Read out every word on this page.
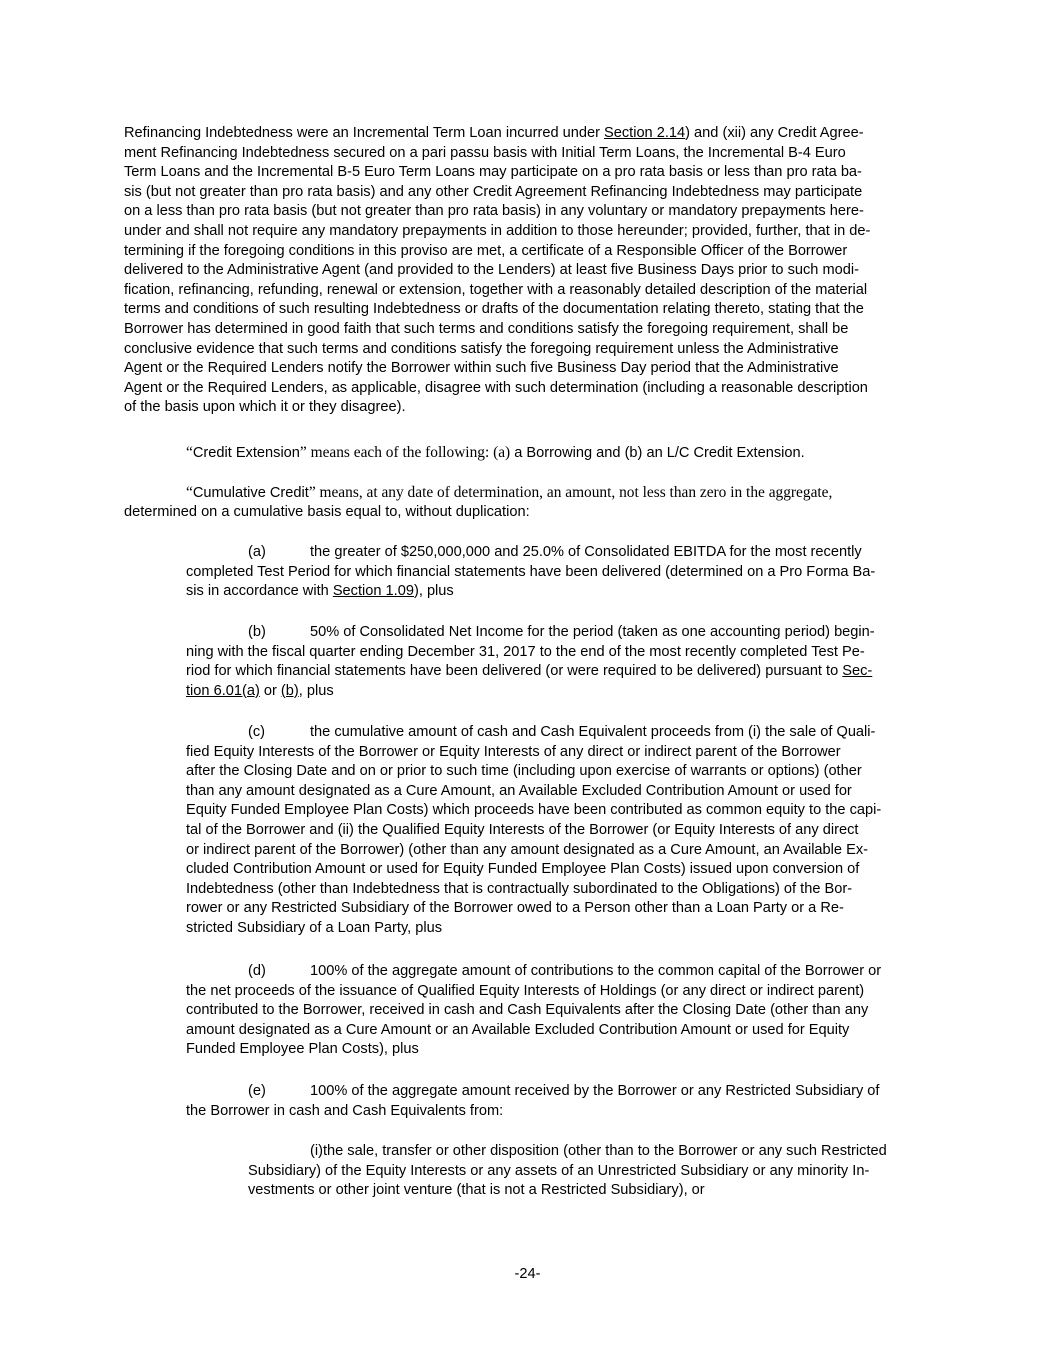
Refinancing Indebtedness were an Incremental Term Loan incurred under Section 2.14) and (xii) any Credit Agree-
ment Refinancing Indebtedness secured on a pari passu basis with Initial Term Loans, the Incremental B-4 Euro
Term Loans and the Incremental B-5 Euro Term Loans may participate on a pro rata basis or less than pro rata ba-
sis (but not greater than pro rata basis) and any other Credit Agreement Refinancing Indebtedness may participate
on a less than pro rata basis (but not greater than pro rata basis) in any voluntary or mandatory prepayments here-
under and shall not require any mandatory prepayments in addition to those hereunder; provided, further, that in de-
termining if the foregoing conditions in this proviso are met, a certificate of a Responsible Officer of the Borrower
delivered to the Administrative Agent (and provided to the Lenders) at least five Business Days prior to such modi-
fication, refinancing, refunding, renewal or extension, together with a reasonably detailed description of the material
terms and conditions of such resulting Indebtedness or drafts of the documentation relating thereto, stating that the
Borrower has determined in good faith that such terms and conditions satisfy the foregoing requirement, shall be
conclusive evidence that such terms and conditions satisfy the foregoing requirement unless the Administrative
Agent or the Required Lenders notify the Borrower within such five Business Day period that the Administrative
Agent or the Required Lenders, as applicable, disagree with such determination (including a reasonable description
of the basis upon which it or they disagree).

“Credit Extension” means each of the following: (a) a Borrowing and (b) an L/C Credit Extension.

“Cumulative Credit” means, at any date of determination, an amount, not less than zero in the aggregate,

determined on a cumulative basis equal to, without duplication:

(a)	the greater of $250,000,000 and 25.0% of Consolidated EBITDA for the most recently
completed Test Period for which financial statements have been delivered (determined on a Pro Forma Ba-
sis in accordance with Section 1.09), plus

(b)	50% of Consolidated Net Income for the period (taken as one accounting period) begin-
ning with the fiscal quarter ending December 31, 2017 to the end of the most recently completed Test Pe-
riod for which financial statements have been delivered (or were required to be delivered) pursuant to Sec-
tion 6.01(a) or (b), plus

(c)	the cumulative amount of cash and Cash Equivalent proceeds from (i) the sale of Quali-
fied Equity Interests of the Borrower or Equity Interests of any direct or indirect parent of the Borrower
after the Closing Date and on or prior to such time (including upon exercise of warrants or options) (other
than any amount designated as a Cure Amount, an Available Excluded Contribution Amount or used for
Equity Funded Employee Plan Costs) which proceeds have been contributed as common equity to the capi-
tal of the Borrower and (ii) the Qualified Equity Interests of the Borrower (or Equity Interests of any direct
or indirect parent of the Borrower) (other than any amount designated as a Cure Amount, an Available Ex-
cluded Contribution Amount or used for Equity Funded Employee Plan Costs) issued upon conversion of
Indebtedness (other than Indebtedness that is contractually subordinated to the Obligations) of the Bor-
rower or any Restricted Subsidiary of the Borrower owed to a Person other than a Loan Party or a Re-
stricted Subsidiary of a Loan Party, plus

(d)	100% of the aggregate amount of contributions to the common capital of the Borrower or
the net proceeds of the issuance of Qualified Equity Interests of Holdings (or any direct or indirect parent)
contributed to the Borrower, received in cash and Cash Equivalents after the Closing Date (other than any
amount designated as a Cure Amount or an Available Excluded Contribution Amount or used for Equity
Funded Employee Plan Costs), plus

(e)	100% of the aggregate amount received by the Borrower or any Restricted Subsidiary of
the Borrower in cash and Cash Equivalents from:

(i)the sale, transfer or other disposition (other than to the Borrower or any such Restricted
Subsidiary) of the Equity Interests or any assets of an Unrestricted Subsidiary or any minority In-
vestments or other joint venture (that is not a Restricted Subsidiary), or

-24-
